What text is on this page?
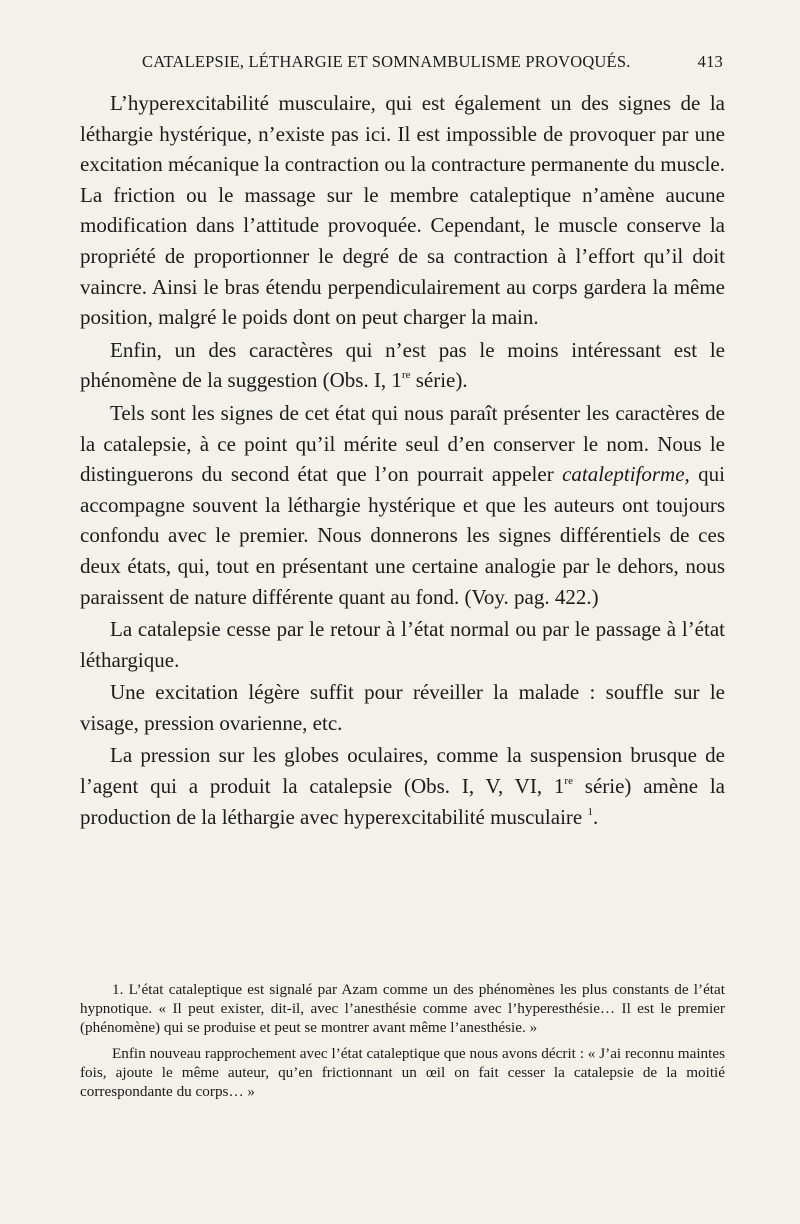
CATALEPSIE, LÉTHARGIE ET SOMNAMBULISME PROVOQUÉS.	413

L’hyperexcitabilité musculaire, qui est également un des signes de la léthargie hystérique, n’existe pas ici. Il est impossible de provoquer par une excitation mécanique la contraction ou la contracture permanente du muscle. La friction ou le massage sur le membre cataleptique n’amène aucune modification dans l’attitude provoquée. Cependant, le muscle conserve la propriété de proportionner le degré de sa contraction à l’effort qu’il doit vaincre. Ainsi le bras étendu perpendiculairement au corps gardera la même position, malgré le poids dont on peut charger la main.

Enfin, un des caractères qui n’est pas le moins intéressant est le phénomène de la suggestion (Obs. I, 1re série).

Tels sont les signes de cet état qui nous paraît présenter les caractères de la catalepsie, à ce point qu’il mérite seul d’en conserver le nom. Nous le distinguerons du second état que l’on pourrait appeler cataleptiforme, qui accompagne souvent la léthargie hystérique et que les auteurs ont toujours confondu avec le premier. Nous donnerons les signes différentiels de ces deux états, qui, tout en présentant une certaine analogie par le dehors, nous paraissent de nature différente quant au fond. (Voy. pag. 422.)

La catalepsie cesse par le retour à l’état normal ou par le passage à l’état léthargique.

Une excitation légère suffit pour réveiller la malade : souffle sur le visage, pression ovarienne, etc.

La pression sur les globes oculaires, comme la suspension brusque de l’agent qui a produit la catalepsie (Obs. I, V, VI, 1re série) amène la production de la léthargie avec hyperexcitabilité musculaire $^1$.

1. L’état cataleptique est signalé par Azam comme un des phénomènes les plus constants de l’état hypnotique. « Il peut exister, dit-il, avec l’anesthésie comme avec l’hyperesthésie… Il est le premier (phénomène) qui se produise et peut se montrer avant même l’anesthésie. »

Enfin nouveau rapprochement avec l’état cataleptique que nous avons décrit : « J’ai reconnu maintes fois, ajoute le même auteur, qu’en frictionnant un œil on fait cesser la catalepsie de la moitié correspondante du corps… »
